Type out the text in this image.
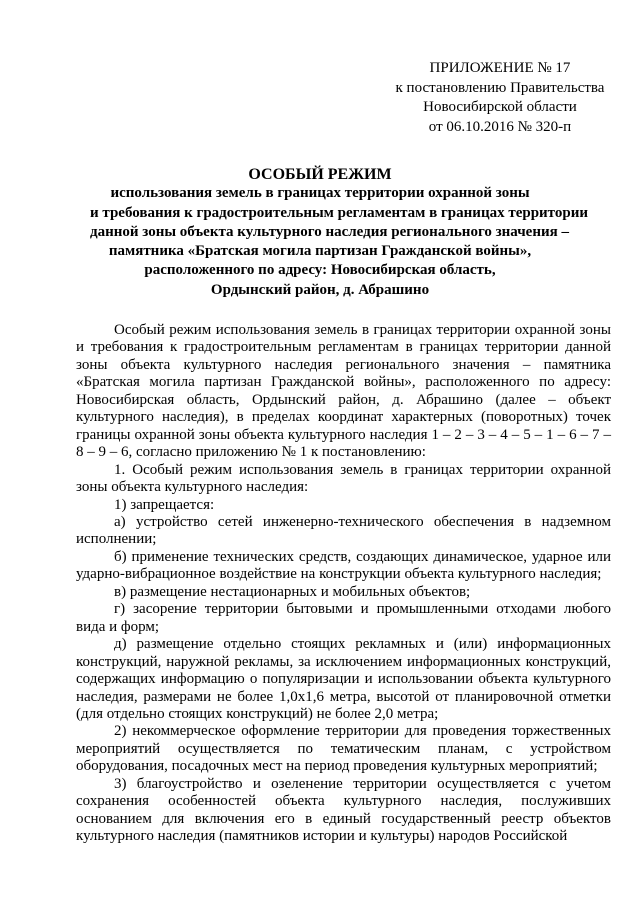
ПРИЛОЖЕНИЕ № 17
к постановлению Правительства
Новосибирской области
от 06.10.2016 № 320-п
ОСОБЫЙ РЕЖИМ
использования земель в границах территории охранной зоны
и требования к градостроительным регламентам в границах территории
данной зоны объекта культурного наследия регионального значения –
памятника «Братская могила партизан Гражданской войны»,
расположенного по адресу: Новосибирская область,
Ордынский район, д. Абрашино

Особый режим использования земель в границах территории охранной зоны и требования к градостроительным регламентам в границах территории данной зоны объекта культурного наследия регионального значения – памятника «Братская могила партизан Гражданской войны», расположенного по адресу: Новосибирская область, Ордынский район, д. Абрашино (далее – объект культурного наследия), в пределах координат характерных (поворотных) точек границы охранной зоны объекта культурного наследия 1 – 2 – 3 – 4 – 5 – 1 – 6 – 7 – 8 – 9 – 6, согласно приложению № 1 к постановлению:

1. Особый режим использования земель в границах территории охранной зоны объекта культурного наследия:

1) запрещается:

а) устройство сетей инженерно-технического обеспечения в надземном исполнении;

б) применение технических средств, создающих динамическое, ударное или ударно-вибрационное воздействие на конструкции объекта культурного наследия;

в) размещение нестационарных и мобильных объектов;

г) засорение территории бытовыми и промышленными отходами любого вида и форм;

д) размещение отдельно стоящих рекламных и (или) информационных конструкций, наружной рекламы, за исключением информационных конструкций, содержащих информацию о популяризации и использовании объекта культурного наследия, размерами не более 1,0х1,6 метра, высотой от планировочной отметки (для отдельно стоящих конструкций) не более 2,0 метра;

2) некоммерческое оформление территории для проведения торжественных мероприятий осуществляется по тематическим планам, с устройством оборудования, посадочных мест на период проведения культурных мероприятий;

3) благоустройство и озеленение территории осуществляется с учетом сохранения особенностей объекта культурного наследия, послуживших основанием для включения его в единый государственный реестр объектов культурного наследия (памятников истории и культуры) народов Российской
